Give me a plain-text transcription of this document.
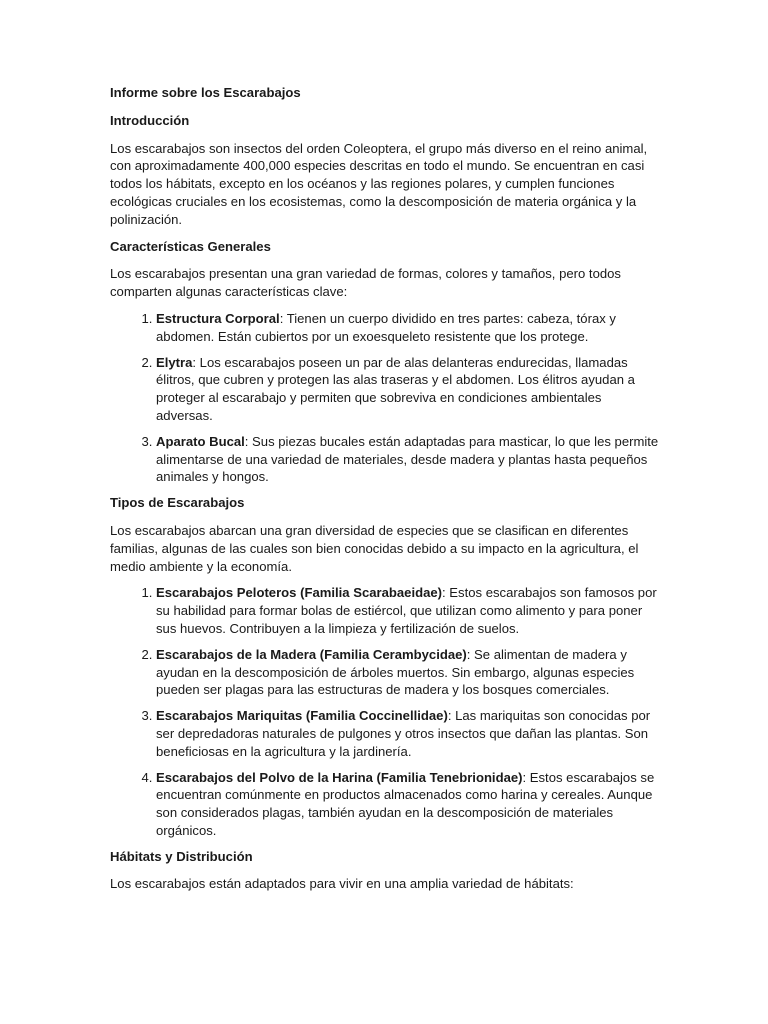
Informe sobre los Escarabajos

Introducción

Los escarabajos son insectos del orden Coleoptera, el grupo más diverso en el reino animal, con aproximadamente 400,000 especies descritas en todo el mundo. Se encuentran en casi todos los hábitats, excepto en los océanos y las regiones polares, y cumplen funciones ecológicas cruciales en los ecosistemas, como la descomposición de materia orgánica y la polinización.

Características Generales

Los escarabajos presentan una gran variedad de formas, colores y tamaños, pero todos comparten algunas características clave:

1. Estructura Corporal: Tienen un cuerpo dividido en tres partes: cabeza, tórax y abdomen. Están cubiertos por un exoesqueleto resistente que los protege.
2. Elytra: Los escarabajos poseen un par de alas delanteras endurecidas, llamadas élitros, que cubren y protegen las alas traseras y el abdomen. Los élitros ayudan a proteger al escarabajo y permiten que sobreviva en condiciones ambientales adversas.
3. Aparato Bucal: Sus piezas bucales están adaptadas para masticar, lo que les permite alimentarse de una variedad de materiales, desde madera y plantas hasta pequeños animales y hongos.

Tipos de Escarabajos

Los escarabajos abarcan una gran diversidad de especies que se clasifican en diferentes familias, algunas de las cuales son bien conocidas debido a su impacto en la agricultura, el medio ambiente y la economía.

1. Escarabajos Peloteros (Familia Scarabaeidae): Estos escarabajos son famosos por su habilidad para formar bolas de estiércol, que utilizan como alimento y para poner sus huevos. Contribuyen a la limpieza y fertilización de suelos.
2. Escarabajos de la Madera (Familia Cerambycidae): Se alimentan de madera y ayudan en la descomposición de árboles muertos. Sin embargo, algunas especies pueden ser plagas para las estructuras de madera y los bosques comerciales.
3. Escarabajos Mariquitas (Familia Coccinellidae): Las mariquitas son conocidas por ser depredadoras naturales de pulgones y otros insectos que dañan las plantas. Son beneficiosas en la agricultura y la jardinería.
4. Escarabajos del Polvo de la Harina (Familia Tenebrionidae): Estos escarabajos se encuentran comúnmente en productos almacenados como harina y cereales. Aunque son considerados plagas, también ayudan en la descomposición de materiales orgánicos.

Hábitats y Distribución

Los escarabajos están adaptados para vivir en una amplia variedad de hábitats:
